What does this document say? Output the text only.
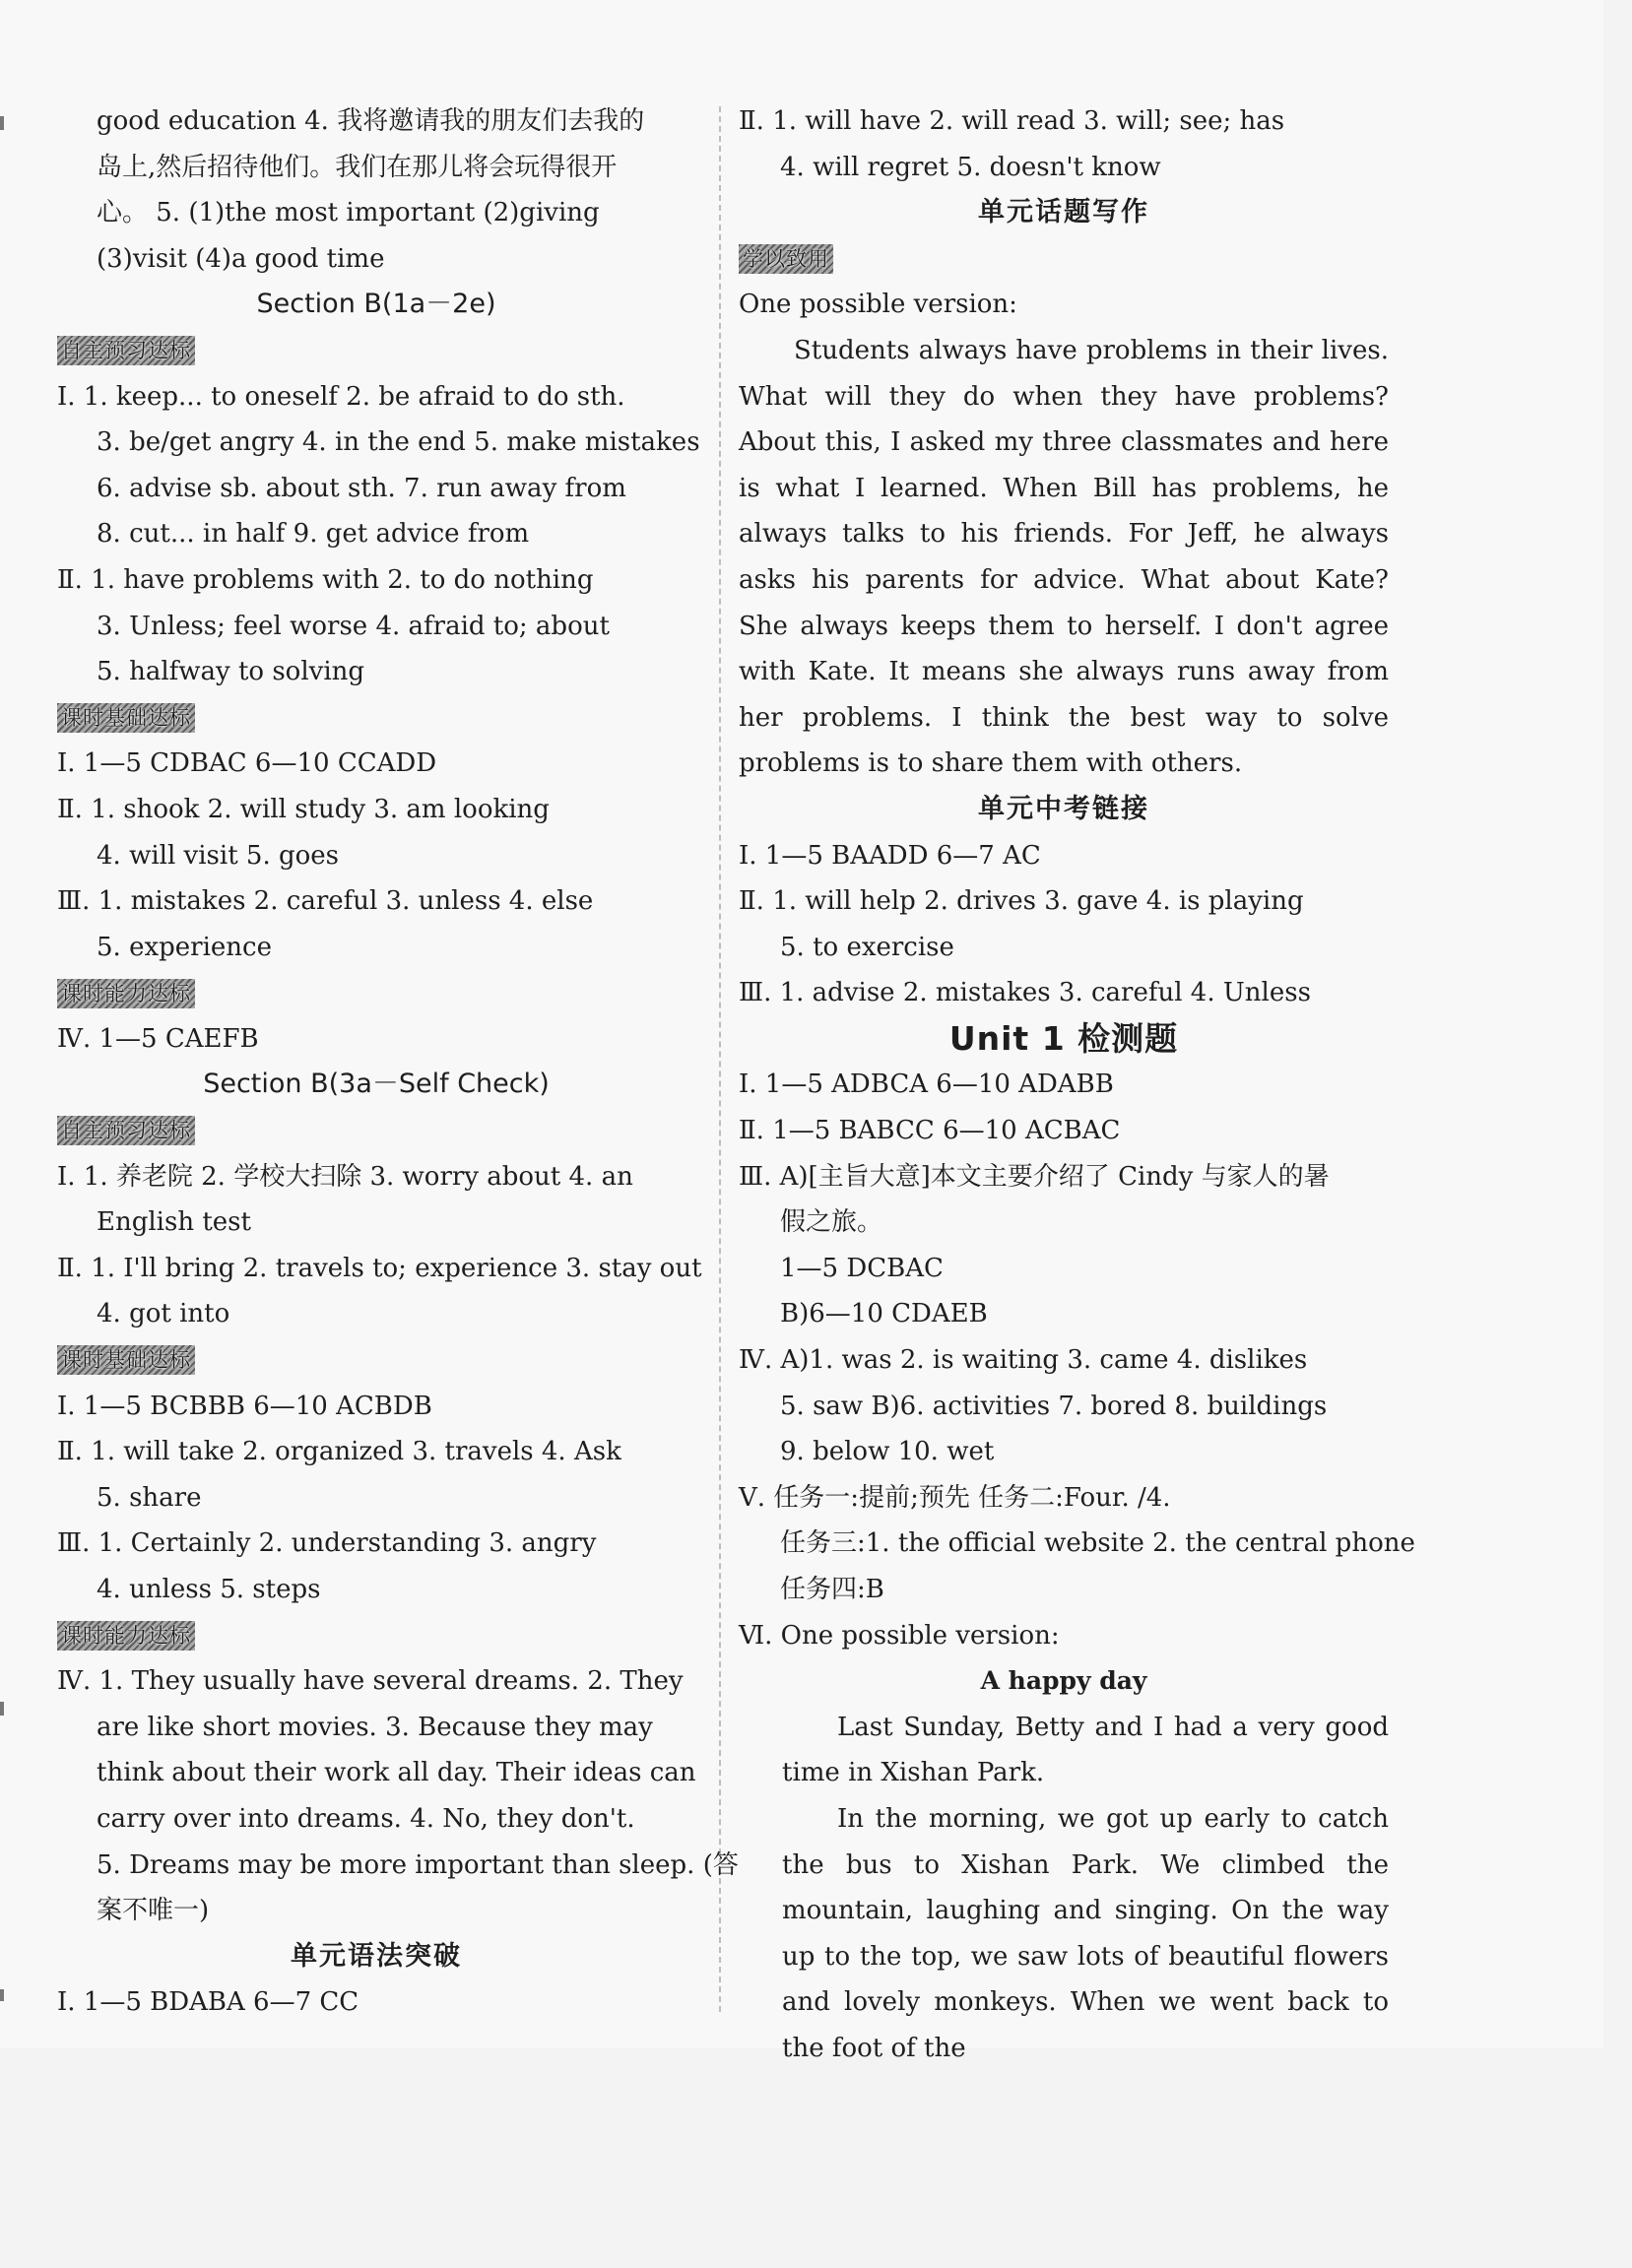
good education 4. 我将邀请我的朋友们去我的
岛上,然后招待他们。我们在那儿将会玩得很开
心。 5. (1)the most important (2)giving
(3)visit (4)a good time
Section B(1a－2e)
自主预习达标
Ⅰ. 1. keep... to oneself 2. be afraid to do sth.
3. be/get angry 4. in the end 5. make mistakes
6. advise sb. about sth. 7. run away from
8. cut... in half 9. get advice from
Ⅱ. 1. have problems with 2. to do nothing
3. Unless; feel worse 4. afraid to; about
5. halfway to solving
课时基础达标
Ⅰ. 1—5 CDBAC 6—10 CCADD
Ⅱ. 1. shook 2. will study 3. am looking
4. will visit 5. goes
Ⅲ. 1. mistakes 2. careful 3. unless 4. else
5. experience
课时能力达标
Ⅳ. 1—5 CAEFB
Section B(3a－Self Check)
自主预习达标
Ⅰ. 1. 养老院 2. 学校大扫除 3. worry about 4. an
English test
Ⅱ. 1. I'll bring 2. travels to; experience 3. stay out
4. got into
课时基础达标
Ⅰ. 1—5 BCBBB 6—10 ACBDB
Ⅱ. 1. will take 2. organized 3. travels 4. Ask
5. share
Ⅲ. 1. Certainly 2. understanding 3. angry
4. unless 5. steps
课时能力达标
Ⅳ. 1. They usually have several dreams. 2. They
are like short movies. 3. Because they may
think about their work all day. Their ideas can
carry over into dreams. 4. No, they don't.
5. Dreams may be more important than sleep. (答
案不唯一)
单元语法突破
Ⅰ. 1—5 BDABA 6—7 CC
Ⅱ. 1. will have 2. will read 3. will; see; has
4. will regret 5. doesn't know
单元话题写作
学以致用
One possible version:
Students always have problems in their lives. What will they do when they have problems? About this, I asked my three classmates and here is what I learned. When Bill has problems, he always talks to his friends. For Jeff, he always asks his parents for advice. What about Kate? She always keeps them to herself. I don't agree with Kate. It means she always runs away from her problems. I think the best way to solve problems is to share them with others.
单元中考链接
Ⅰ. 1—5 BAADD 6—7 AC
Ⅱ. 1. will help 2. drives 3. gave 4. is playing
5. to exercise
Ⅲ. 1. advise 2. mistakes 3. careful 4. Unless
Unit 1 检测题
Ⅰ. 1—5 ADBCA 6—10 ADABB
Ⅱ. 1—5 BABCC 6—10 ACBAC
Ⅲ. A)[主旨大意]本文主要介绍了 Cindy 与家人的暑
假之旅。
1—5 DCBAC
B)6—10 CDAEB
Ⅳ. A)1. was 2. is waiting 3. came 4. dislikes
5. saw B)6. activities 7. bored 8. buildings
9. below 10. wet
Ⅴ. 任务一:提前;预先 任务二:Four. /4.
任务三:1. the official website 2. the central phone
任务四:B
Ⅵ. One possible version:
A happy day
Last Sunday, Betty and I had a very good time in Xishan Park.
In the morning, we got up early to catch the bus to Xishan Park. We climbed the mountain, laughing and singing. On the way up to the top, we saw lots of beautiful flowers and lovely monkeys. When we went back to the foot of the
